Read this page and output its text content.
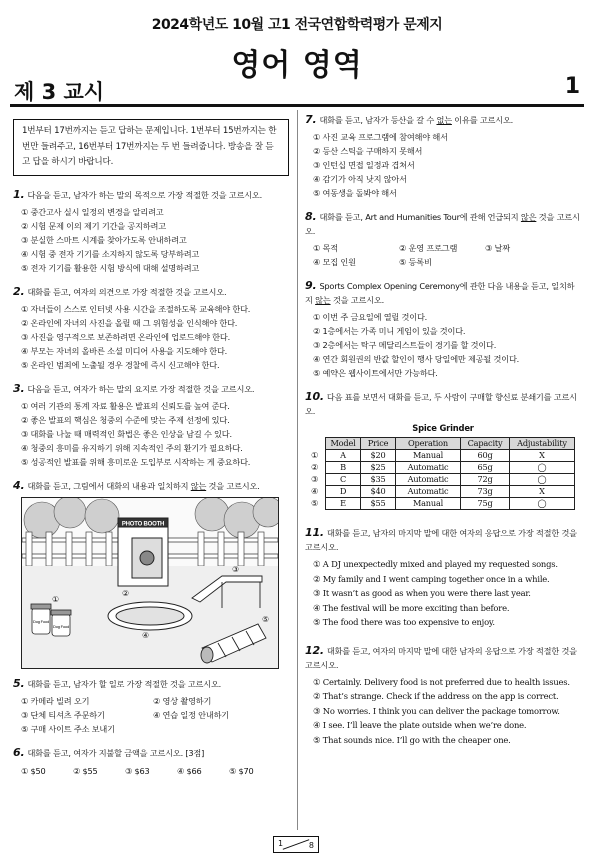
2024학년도 10월 고1 전국연합학력평가 문제지
영어 영역
제 3 교시	1
1번부터 17번까지는 듣고 답하는 문제입니다. 1번부터 15번까지는 한 번만 들려주고, 16번부터 17번까지는 두 번 들려줍니다. 방송을 잘 듣고 답을 하시기 바랍니다.
1. 다음을 듣고, 남자가 하는 말의 목적으로 가장 적절한 것을 고르시오.
① 중간고사 실시 일정의 변경을 알리려고
② 시험 문제 이의 제기 기간을 공지하려고
③ 분실한 스마트 시계를 찾아가도록 안내하려고
④ 시험 중 전자 기기를 소지하지 않도록 당부하려고
⑤ 전자 기기를 활용한 시험 방식에 대해 설명하려고
2. 대화를 듣고, 여자의 의견으로 가장 적절한 것을 고르시오.
① 자녀들이 스스로 인터넷 사용 시간을 조절하도록 교육해야 한다.
② 온라인에 자녀의 사진을 올릴 때 그 위험성을 인식해야 한다.
③ 사진을 영구적으로 보존하려면 온라인에 업로드해야 한다.
④ 부모는 자녀의 올바른 소셜 미디어 사용을 지도해야 한다.
⑤ 온라인 범죄에 노출될 경우 경찰에 즉시 신고해야 한다.
3. 다음을 듣고, 여자가 하는 말의 요지로 가장 적절한 것을 고르시오.
① 여러 기관의 통계 자료 활용은 발표의 신뢰도를 높여 준다.
② 좋은 발표의 핵심은 청중의 수준에 맞는 주제 선정에 있다.
③ 대화를 나눌 때 매력적인 화법은 좋은 인상을 남길 수 있다.
④ 청중의 흥미를 유지하기 위해 지속적인 주의 환기가 필요하다.
⑤ 성공적인 발표를 위해 흥미로운 도입부로 시작하는 게 중요하다.
4. 대화를 듣고, 그림에서 대화의 내용과 일치하지 않는 것을 고르시오.
PHOTO BOOTH
Dog Food
Dog Food
①
②
③
④
⑤
5. 대화를 듣고, 남자가 할 일로 가장 적절한 것을 고르시오.
① 카메라 빌려 오기	② 영상 촬영하기
③ 단체 티셔츠 주문하기	④ 연습 일정 안내하기
⑤ 구매 사이트 주소 보내기
6. 대화를 듣고, 여자가 지불할 금액을 고르시오. [3점]
① $50	② $55	③ $63	④ $66	⑤ $70
7. 대화를 듣고, 남자가 등산을 갈 수 없는 이유를 고르시오.
① 사진 교육 프로그램에 참여해야 해서
② 등산 스틱을 구매하지 못해서
③ 인턴십 면접 일정과 겹쳐서
④ 감기가 아직 낫지 않아서
⑤ 여동생을 돌봐야 해서
8. 대화를 듣고, Art and Humanities Tour에 관해 언급되지 않은 것을 고르시오.
① 목적	② 운영 프로그램	③ 날짜
④ 모집 인원	⑤ 등록비
9. Sports Complex Opening Ceremony에 관한 다음 내용을 듣고, 일치하지 않는 것을 고르시오.
① 이번 주 금요일에 열릴 것이다.
② 1층에서는 가족 미니 게임이 있을 것이다.
③ 2층에서는 탁구 메달리스트들이 경기를 할 것이다.
④ 연간 회원권의 반값 할인이 행사 당일에만 제공될 것이다.
⑤ 예약은 웹사이트에서만 가능하다.
10. 다음 표를 보면서 대화를 듣고, 두 사람이 구매할 향신료 분쇄기를 고르시오.
Spice Grinder
①
②
③
④
⑤
Model	Price	Operation	Capacity	Adjustability
A	$20	Manual	60g	X
B	$25	Automatic	65g	◯
C	$35	Automatic	72g	◯
D	$40	Automatic	73g	X
E	$55	Manual	75g	◯
11. 대화를 듣고, 남자의 마지막 말에 대한 여자의 응답으로 가장 적절한 것을 고르시오.
① A DJ unexpectedly mixed and played my requested songs.
② My family and I went camping together once in a while.
③ It wasn’t as good as when you were there last year.
④ The festival will be more exciting than before.
⑤ The food there was too expensive to enjoy.
12. 대화를 듣고, 여자의 마지막 말에 대한 남자의 응답으로 가장 적절한 것을 고르시오.
① Certainly. Delivery food is not preferred due to health issues.
② That’s strange. Check if the address on the app is correct.
③ No worries. I think you can deliver the package tomorrow.
④ I see. I’ll leave the plate outside when we’re done.
⑤ That sounds nice. I’ll go with the cheaper one.
1	8
